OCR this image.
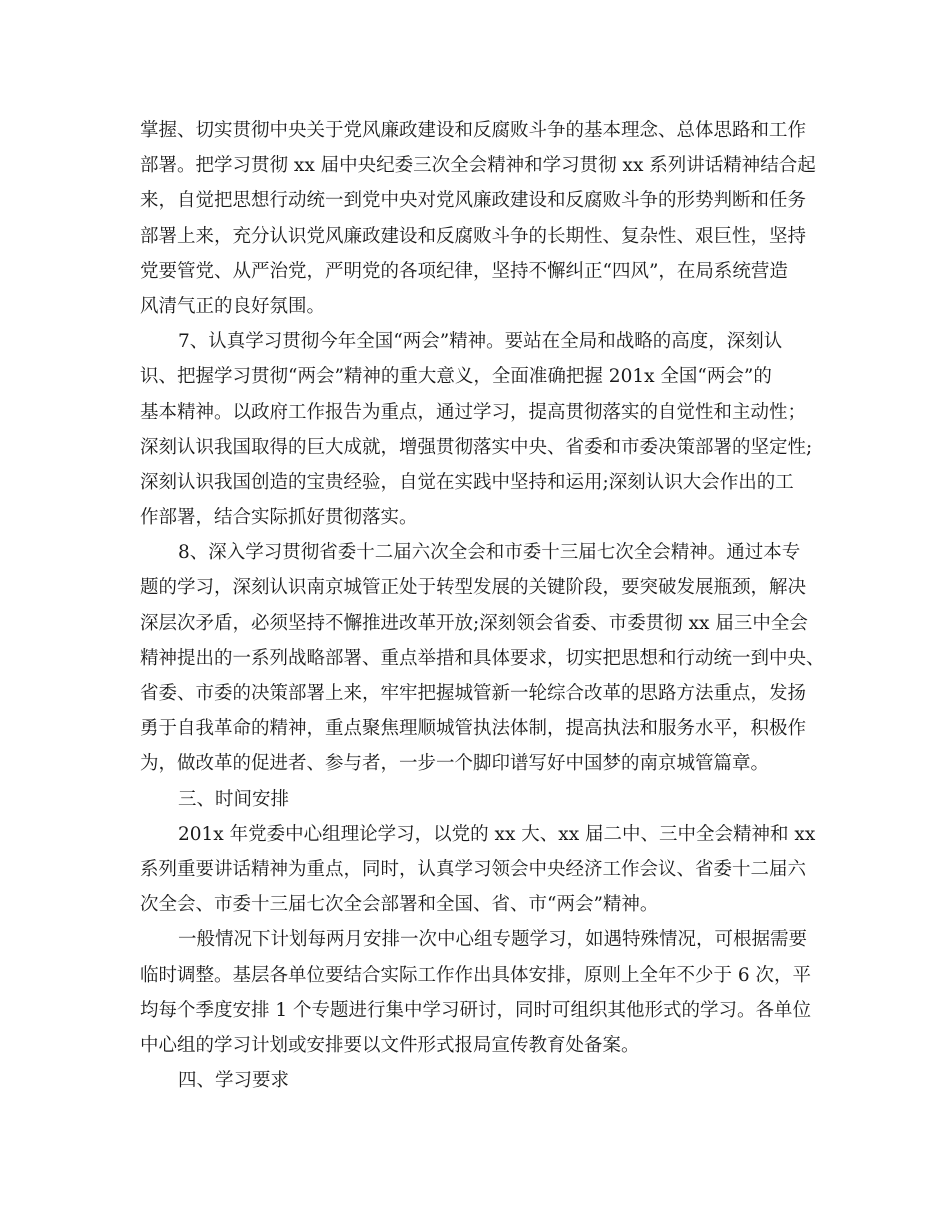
掌握、切实贯彻中央关于党风廉政建设和反腐败斗争的基本理念、总体思路和工作
部署。把学习贯彻 xx 届中央纪委三次全会精神和学习贯彻 xx 系列讲话精神结合起
来，自觉把思想行动统一到党中央对党风廉政建设和反腐败斗争的形势判断和任务
部署上来，充分认识党风廉政建设和反腐败斗争的长期性、复杂性、艰巨性，坚持
党要管党、从严治党，严明党的各项纪律，坚持不懈纠正“四风”，在局系统营造
风清气正的良好氛围。
7、认真学习贯彻今年全国“两会”精神。要站在全局和战略的高度，深刻认
识、把握学习贯彻“两会”精神的重大意义，全面准确把握 201x 全国“两会”的
基本精神。以政府工作报告为重点，通过学习，提高贯彻落实的自觉性和主动性；
深刻认识我国取得的巨大成就，增强贯彻落实中央、省委和市委决策部署的坚定性;
深刻认识我国创造的宝贵经验，自觉在实践中坚持和运用;深刻认识大会作出的工
作部署，结合实际抓好贯彻落实。
8、深入学习贯彻省委十二届六次全会和市委十三届七次全会精神。通过本专
题的学习，深刻认识南京城管正处于转型发展的关键阶段，要突破发展瓶颈，解决
深层次矛盾，必须坚持不懈推进改革开放;深刻领会省委、市委贯彻 xx 届三中全会
精神提出的一系列战略部署、重点举措和具体要求，切实把思想和行动统一到中央、
省委、市委的决策部署上来，牢牢把握城管新一轮综合改革的思路方法重点，发扬
勇于自我革命的精神，重点聚焦理顺城管执法体制，提高执法和服务水平，积极作
为，做改革的促进者、参与者，一步一个脚印谱写好中国梦的南京城管篇章。
三、时间安排
201x 年党委中心组理论学习，以党的 xx 大、xx 届二中、三中全会精神和 xx
系列重要讲话精神为重点，同时，认真学习领会中央经济工作会议、省委十二届六
次全会、市委十三届七次全会部署和全国、省、市“两会”精神。
一般情况下计划每两月安排一次中心组专题学习，如遇特殊情况，可根据需要
临时调整。基层各单位要结合实际工作作出具体安排，原则上全年不少于 6 次，平
均每个季度安排 1 个专题进行集中学习研讨，同时可组织其他形式的学习。各单位
中心组的学习计划或安排要以文件形式报局宣传教育处备案。
四、学习要求
